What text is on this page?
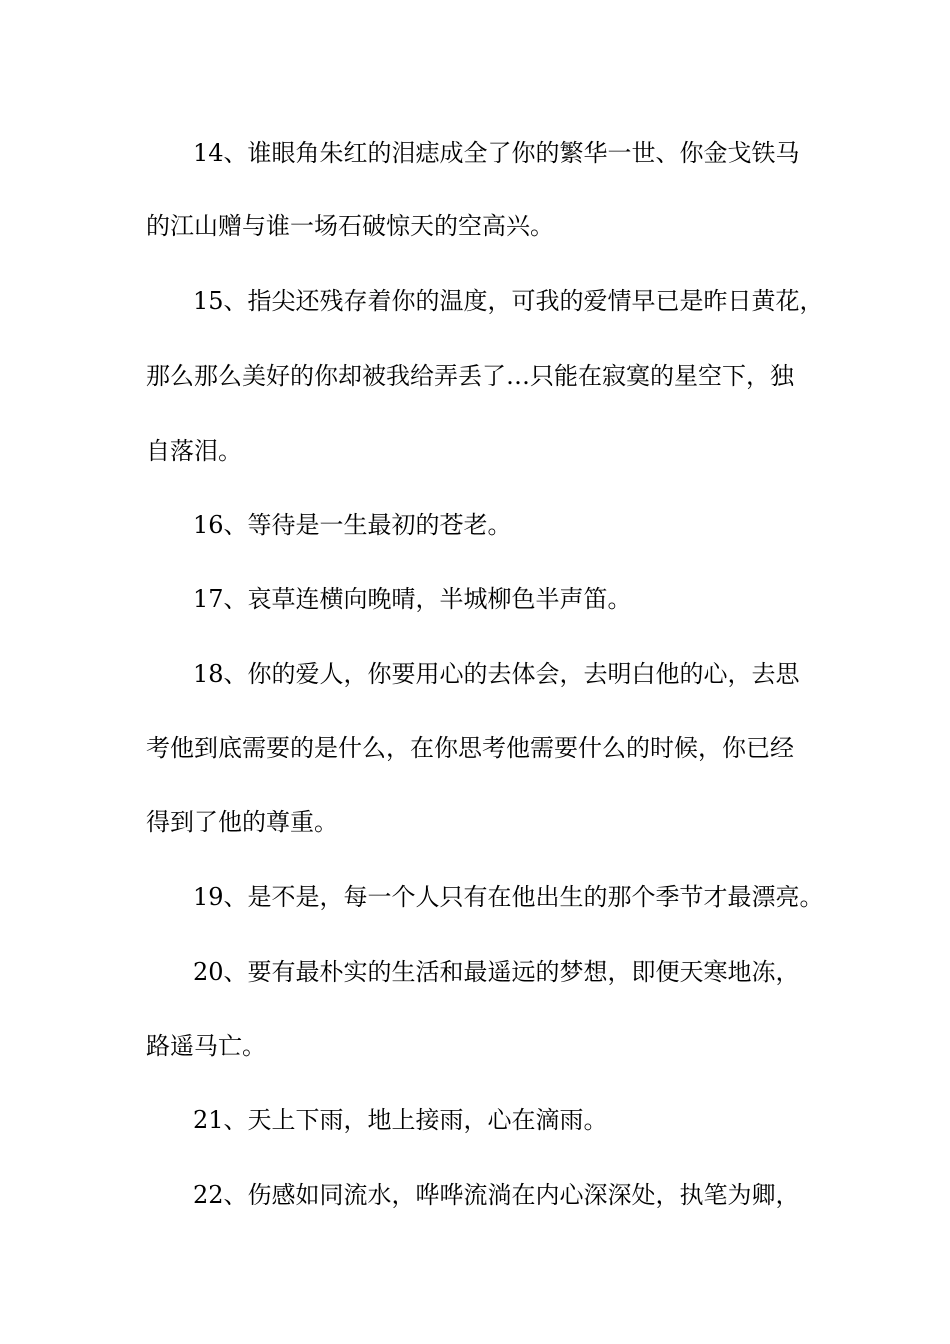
14、谁眼角朱红的泪痣成全了你的繁华一世、你金戈铁马

的江山赠与谁一场石破惊天的空高兴。

15、指尖还残存着你的温度，可我的爱情早已是昨日黄花，

那么那么美好的你却被我给弄丢了…只能在寂寞的星空下，独

自落泪。

16、等待是一生最初的苍老。

17、哀草连横向晚晴，半城柳色半声笛。

18、你的爱人，你要用心的去体会，去明白他的心，去思

考他到底需要的是什么，在你思考他需要什么的时候，你已经

得到了他的尊重。

19、是不是，每一个人只有在他出生的那个季节才最漂亮。

20、要有最朴实的生活和最遥远的梦想，即便天寒地冻，

路遥马亡。

21、天上下雨，地上接雨，心在滴雨。

22、伤感如同流水，哗哗流淌在内心深深处，执笔为卿，
